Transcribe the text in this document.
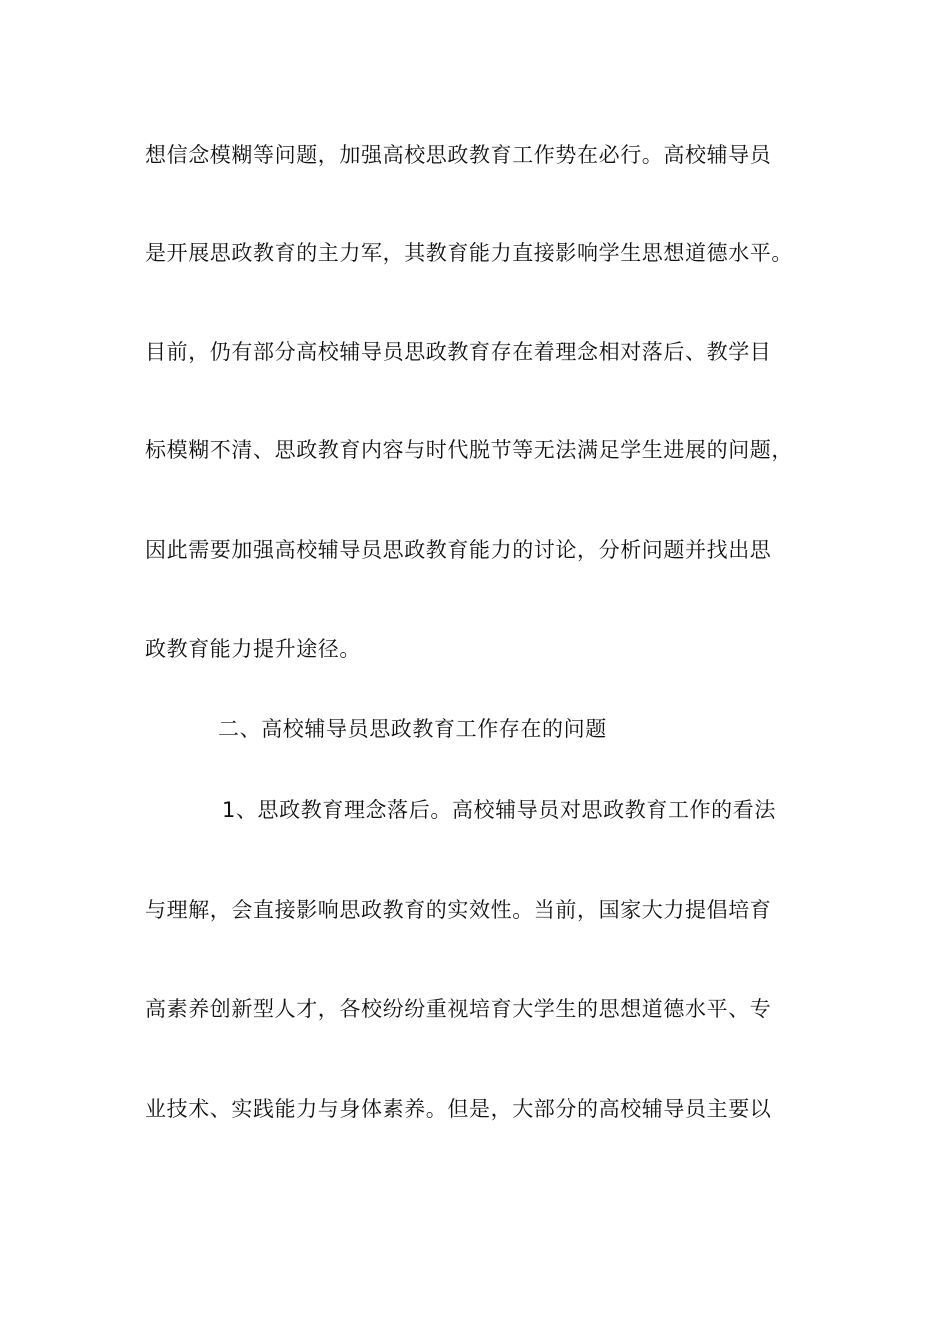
想信念模糊等问题，加强高校思政教育工作势在必行。高校辅导员
是开展思政教育的主力军，其教育能力直接影响学生思想道德水平。
目前，仍有部分高校辅导员思政教育存在着理念相对落后、教学目
标模糊不清、思政教育内容与时代脱节等无法满足学生进展的问题，
因此需要加强高校辅导员思政教育能力的讨论，分析问题并找出思
政教育能力提升途径。
二、高校辅导员思政教育工作存在的问题
1、思政教育理念落后。高校辅导员对思政教育工作的看法
与理解，会直接影响思政教育的实效性。当前，国家大力提倡培育
高素养创新型人才，各校纷纷重视培育大学生的思想道德水平、专
业技术、实践能力与身体素养。但是，大部分的高校辅导员主要以
